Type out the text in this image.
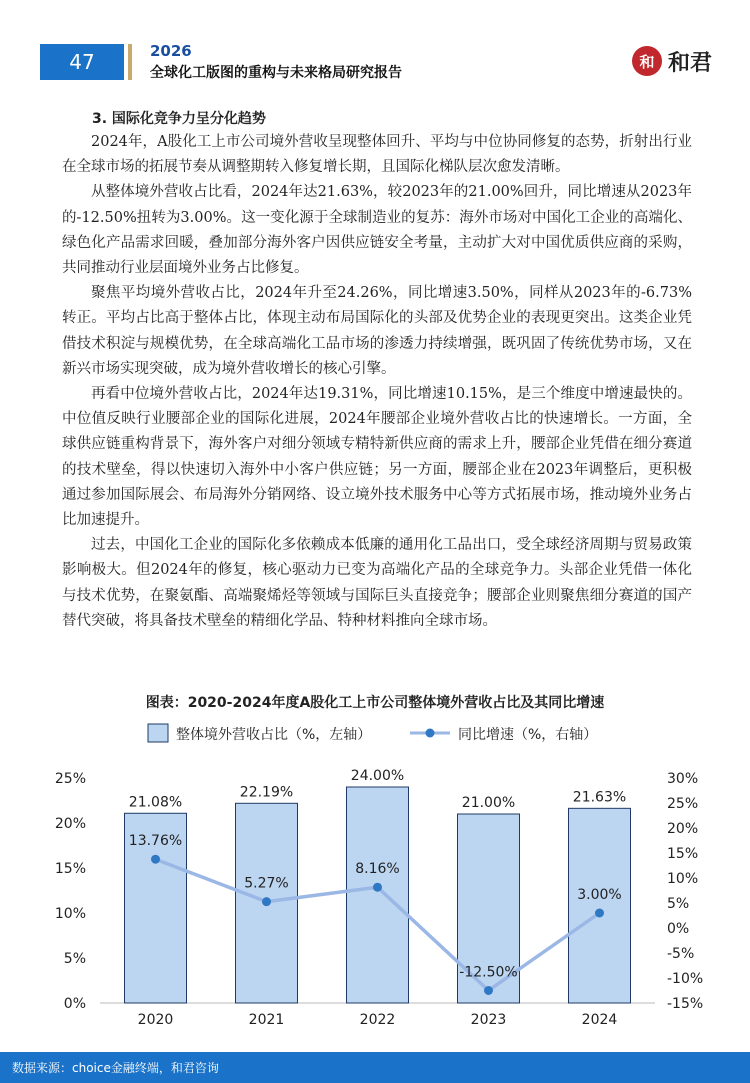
47	2026
全球化工版图的重构与未来格局研究报告
和 和君
3. 国际化竞争力呈分化趋势

2024年，A股化工上市公司境外营收呈现整体回升、平均与中位协同修复的态势，折射出行业在全球市场的拓展节奏从调整期转入修复增长期，且国际化梯队层次愈发清晰。

从整体境外营收占比看，2024年达21.63%，较2023年的21.00%回升，同比增速从2023年的-12.50%扭转为3.00%。这一变化源于全球制造业的复苏：海外市场对中国化工企业的高端化、绿色化产品需求回暖，叠加部分海外客户因供应链安全考量，主动扩大对中国优质供应商的采购，共同推动行业层面境外业务占比修复。

聚焦平均境外营收占比，2024年升至24.26%，同比增速3.50%，同样从2023年的-6.73%转正。平均占比高于整体占比，体现主动布局国际化的头部及优势企业的表现更突出。这类企业凭借技术积淀与规模优势，在全球高端化工品市场的渗透力持续增强，既巩固了传统优势市场，又在新兴市场实现突破，成为境外营收增长的核心引擎。

再看中位境外营收占比，2024年达19.31%，同比增速10.15%，是三个维度中增速最快的。中位值反映行业腰部企业的国际化进展，2024年腰部企业境外营收占比的快速增长。一方面，全球供应链重构背景下，海外客户对细分领域专精特新供应商的需求上升，腰部企业凭借在细分赛道的技术壁垒，得以快速切入海外中小客户供应链；另一方面，腰部企业在2023年调整后，更积极通过参加国际展会、布局海外分销网络、设立境外技术服务中心等方式拓展市场，推动境外业务占比加速提升。

过去，中国化工企业的国际化多依赖成本低廉的通用化工品出口，受全球经济周期与贸易政策影响极大。但2024年的修复，核心驱动力已变为高端化产品的全球竞争力。头部企业凭借一体化与技术优势，在聚氨酯、高端聚烯烃等领域与国际巨头直接竞争；腰部企业则聚焦细分赛道的国产替代突破，将具备技术壁垒的精细化学品、特种材料推向全球市场。

图表：2020-2024年度A股化工上市公司整体境外营收占比及其同比增速
整体境外营收占比（%，左轴）	同比增速（%，右轴）
0%
5%
10%
15%
20%
25%
-15%
-10%
-5%
0%
5%
10%
15%
20%
25%
30%
21.08%
22.19%
24.00%
21.00%	21.63%
2020	2021	2022	2023	2024
13.76%
5.27%
8.16%
-12.50%
3.00%
数据来源：choice金融终端，和君咨询
